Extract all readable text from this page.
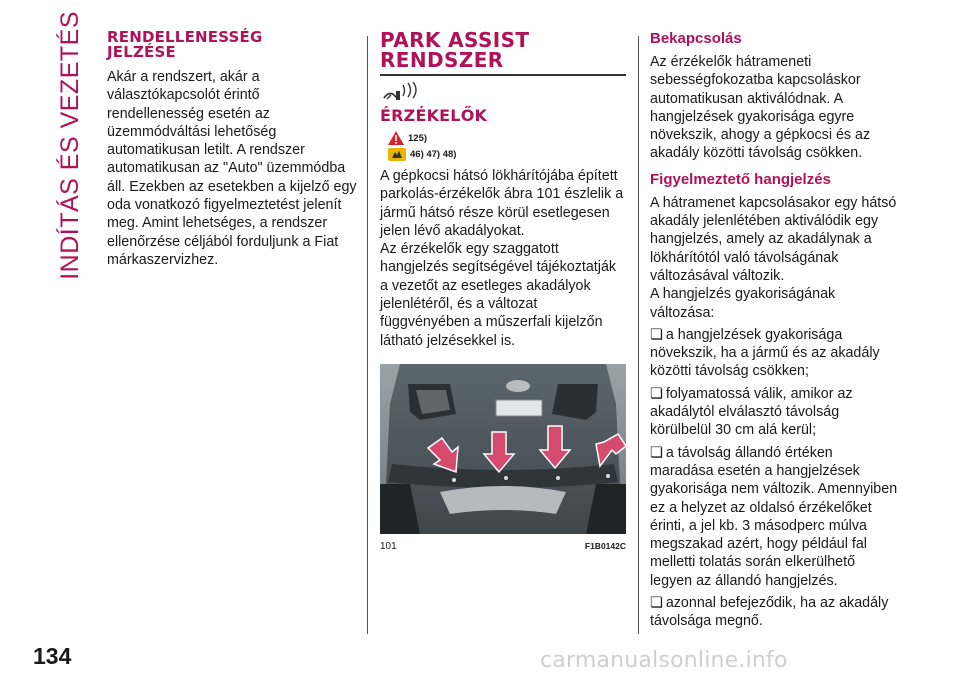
INDÍTÁS ÉS VEZETÉS RENDELLENESSÉG
JELZÉSE

Akár a rendszert, akár a választókapcsolót érintő rendellenesség esetén az üzemmódváltási lehetőség automatikusan letilt. A rendszer automatikusan az "Auto" üzemmódba áll. Ezekben az esetekben a kijelző egy oda vonatkozó figyelmeztetést jelenít meg. Amint lehetséges, a rendszer ellenőrzése céljából forduljunk a Fiat márkaszervizhez.

PARK ASSIST
RENDSZER
ÉRZÉKELŐK
125)
46) 47) 48)

A gépkocsi hátsó lökhárítójába épített parkolás-érzékelők ábra 101 észlelik a jármű hátsó része körül esetlegesen jelen lévő akadályokat.

Az érzékelők egy szaggatott hangjelzés segítségével tájékoztatják a vezetőt az esetleges akadályok jelenlétéről, és a változat függvényében a műszerfali kijelzőn látható jelzésekkel is.

101	F1B0142C
Bekapcsolás

Az érzékelők hátrameneti sebességfokozatba kapcsoláskor automatikusan aktiválódnak. A hangjelzések gyakorisága egyre növekszik, ahogy a gépkocsi és az akadály közötti távolság csökken.

Figyelmeztető hangjelzés

A hátramenet kapcsolásakor egy hátsó akadály jelenlétében aktiválódik egy hangjelzés, amely az akadálynak a lökhárítótól való távolságának változásával változik.

A hangjelzés gyakoriságának változása:

❏ a hangjelzések gyakorisága növekszik, ha a jármű és az akadály közötti távolság csökken;

❏ folyamatossá válik, amikor az akadálytól elválasztó távolság körülbelül 30 cm alá kerül;

❏ a távolság állandó értéken maradása esetén a hangjelzések gyakorisága nem változik. Amennyiben ez a helyzet az oldalsó érzékelőket érinti, a jel kb. 3 másodperc múlva megszakad azért, hogy például fal melletti tolatás során elkerülhető legyen az állandó hangjelzés.

❏ azonnal befejeződik, ha az akadály távolsága megnő.

134	carmanualsonline.info
